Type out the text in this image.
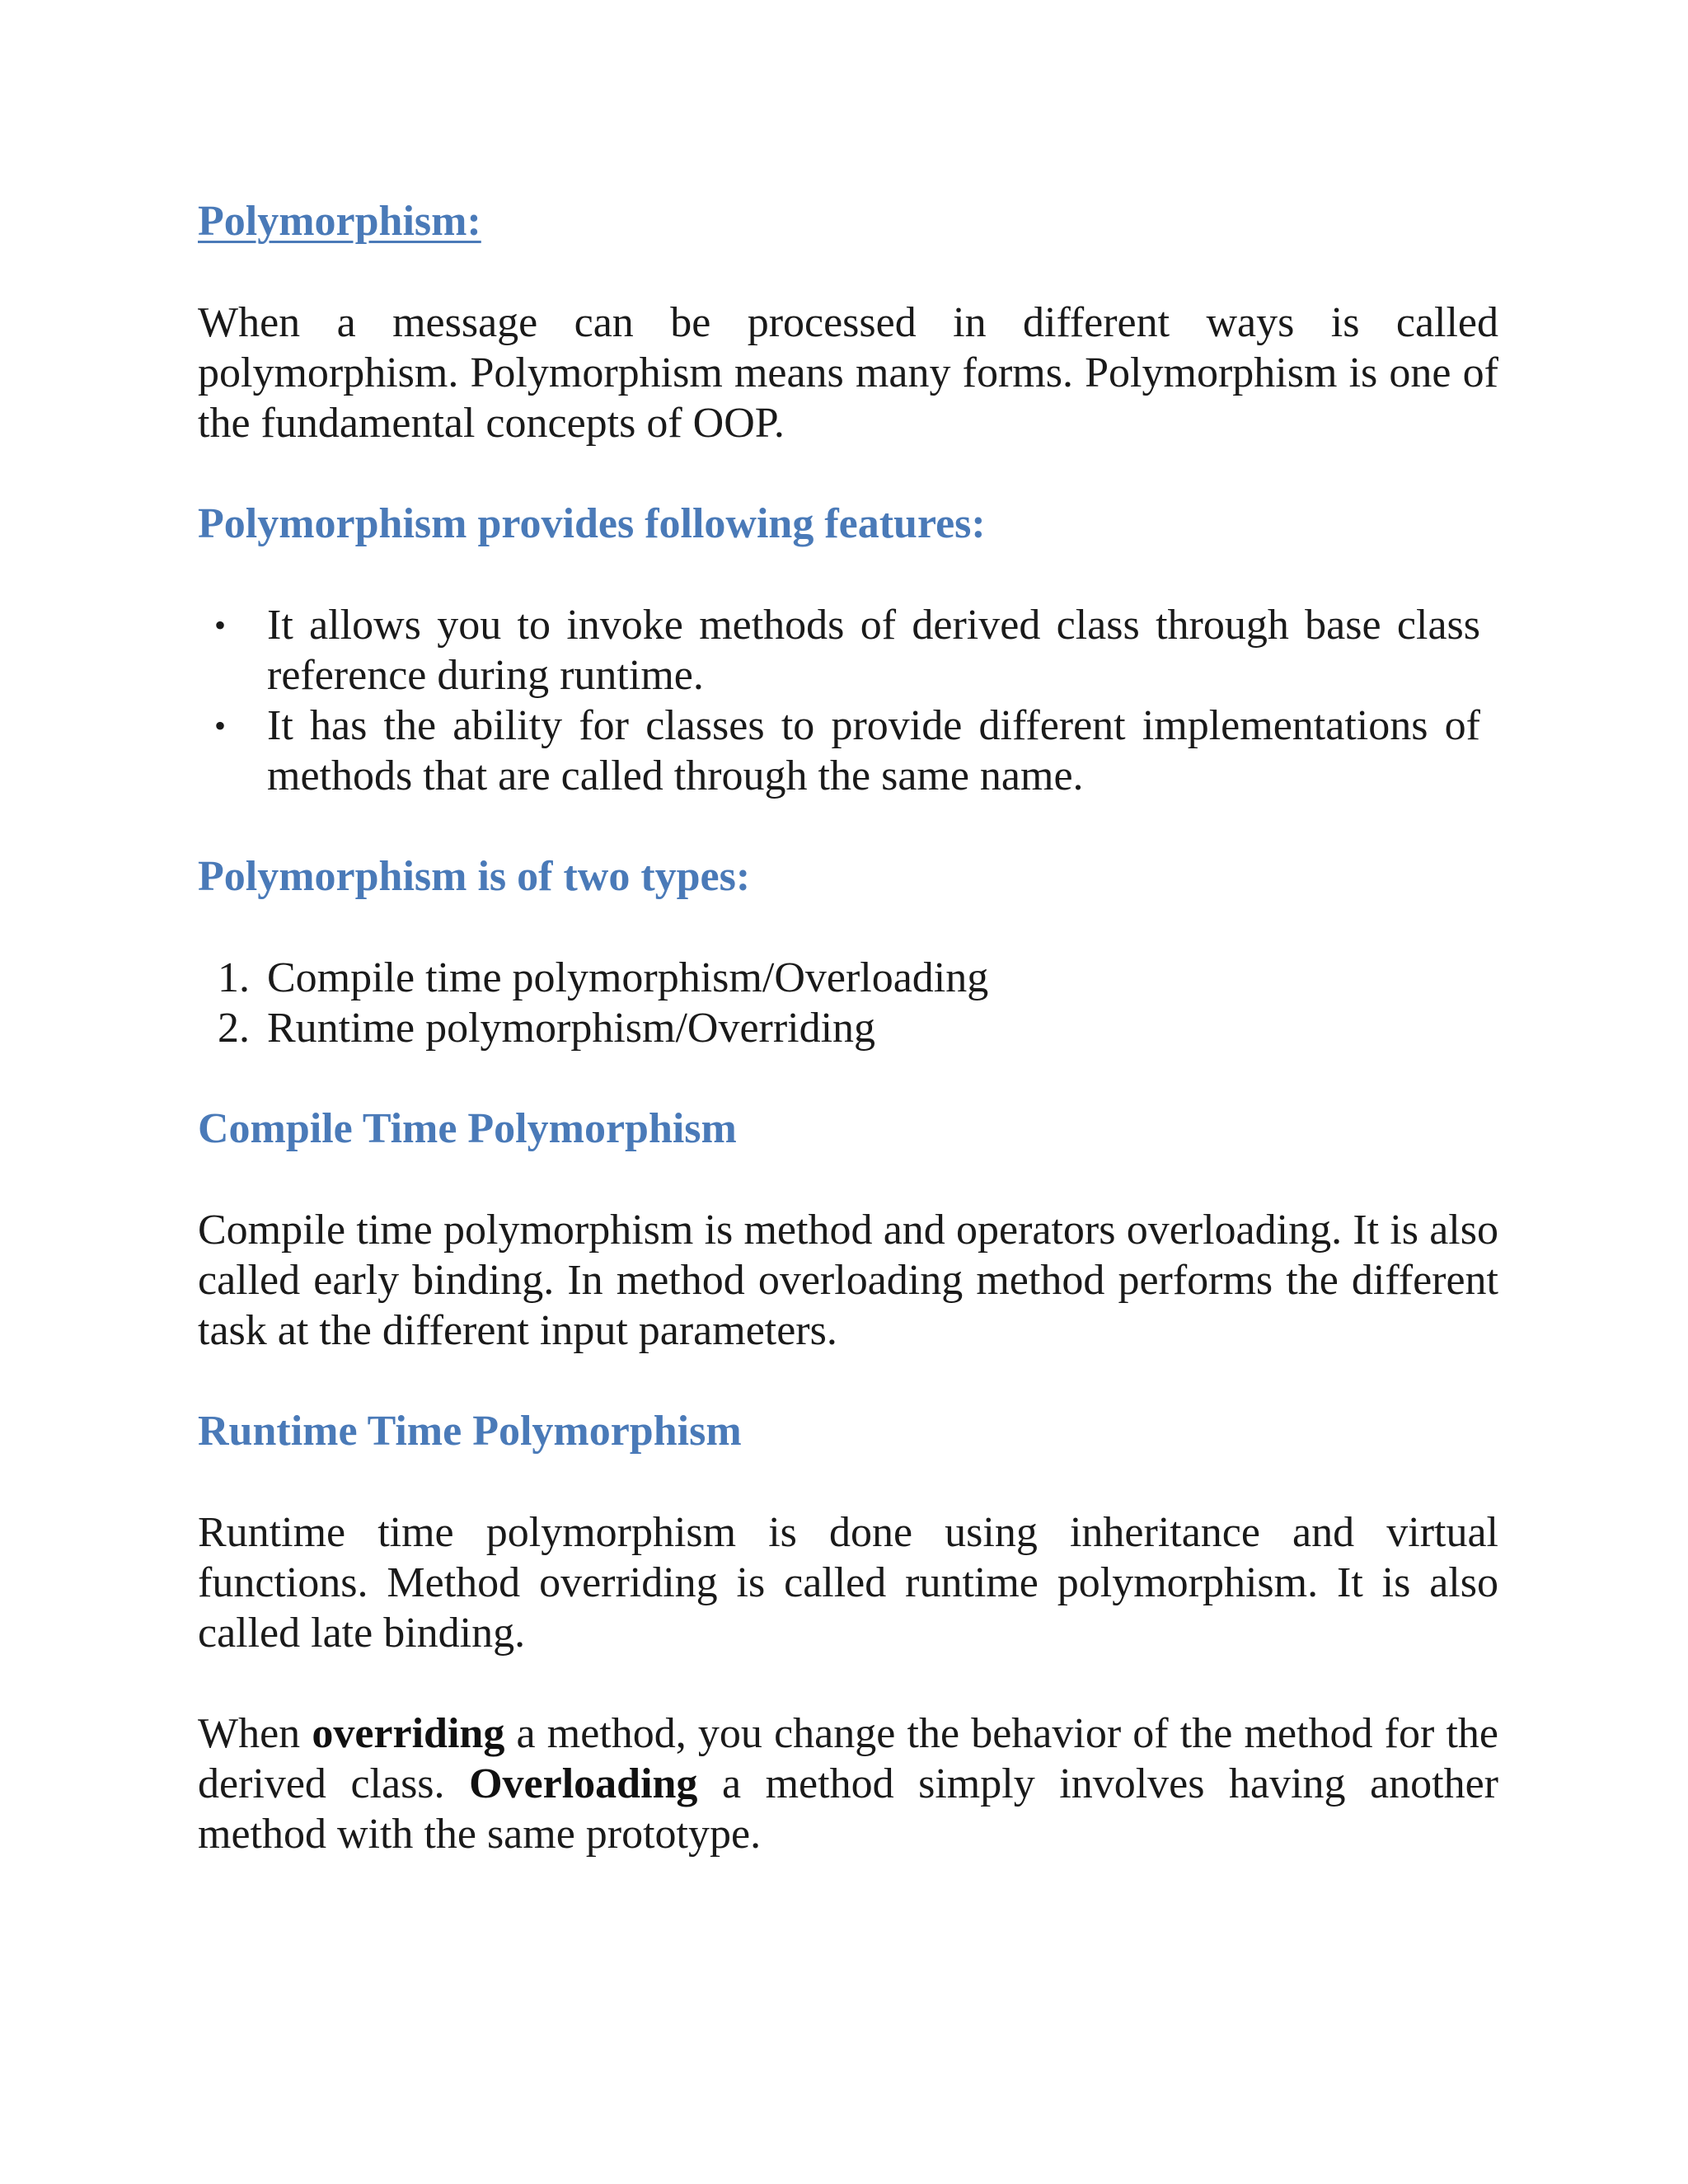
Polymorphism:

When a message can be processed in different ways is called polymorphism. Polymorphism means many forms. Polymorphism is one of the fundamental concepts of OOP.

Polymorphism provides following features:
• It allows you to invoke methods of derived class through base class reference during runtime.
• It has the ability for classes to provide different implementations of methods that are called through the same name.
Polymorphism is of two types:
1. Compile time polymorphism/Overloading
2. Runtime polymorphism/Overriding
Compile Time Polymorphism

Compile time polymorphism is method and operators overloading. It is also called early binding. In method overloading method performs the different task at the different input parameters.

Runtime Time Polymorphism

Runtime time polymorphism is done using inheritance and virtual functions. Method overriding is called runtime polymorphism. It is also called late binding.

When overriding a method, you change the behavior of the method for the derived class. Overloading a method simply involves having another method with the same prototype.
